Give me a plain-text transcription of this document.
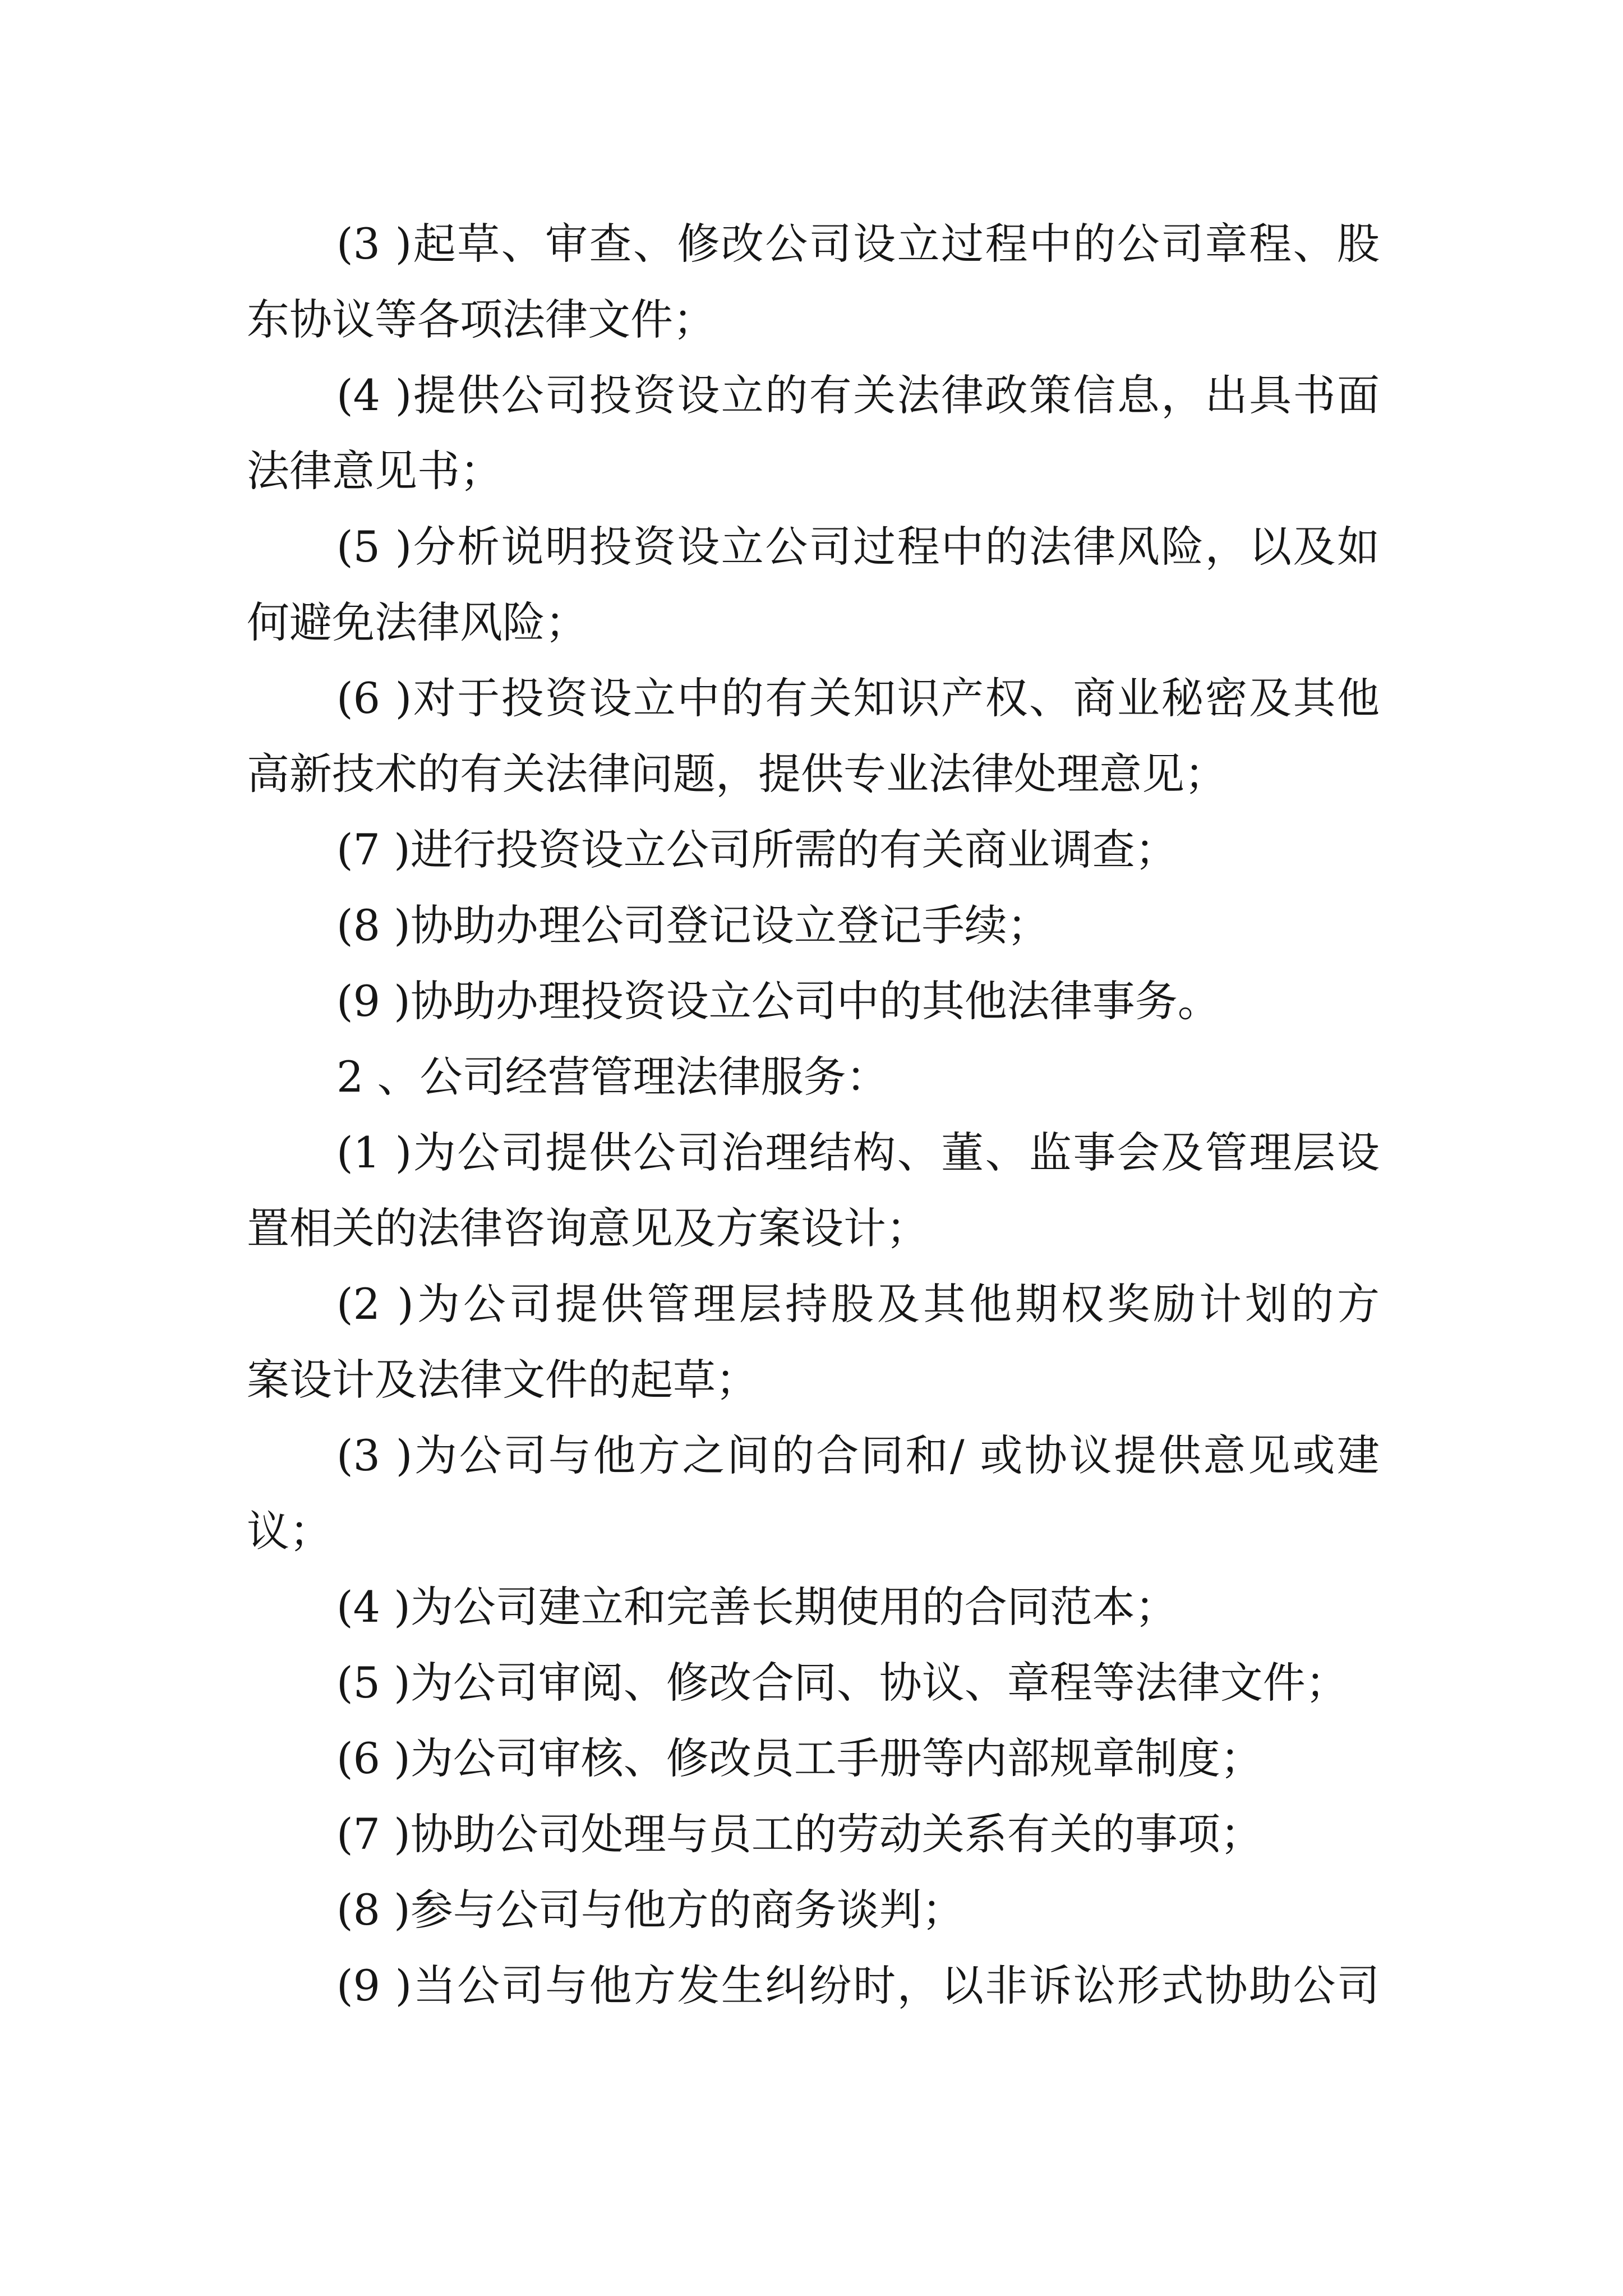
(3 )起草、审查、修改公司设立过程中的公司章程、股

东协议等各项法律文件；

(4 )提供公司投资设立的有关法律政策信息，出具书面

法律意见书；

(5 )分析说明投资设立公司过程中的法律风险，以及如

何避免法律风险；

(6 )对于投资设立中的有关知识产权、商业秘密及其他

高新技术的有关法律问题，提供专业法律处理意见；

(7 )进行投资设立公司所需的有关商业调查；

(8 )协助办理公司登记设立登记手续；

(9 )协助办理投资设立公司中的其他法律事务。

2 、公司经营管理法律服务：

(1 )为公司提供公司治理结构、董、监事会及管理层设

置相关的法律咨询意见及方案设计；

(2 )为公司提供管理层持股及其他期权奖励计划的方

案设计及法律文件的起草；

(3 )为公司与他方之间的合同和/ 或协议提供意见或建

议；

(4 )为公司建立和完善长期使用的合同范本；

(5 )为公司审阅、修改合同、协议、章程等法律文件；

(6 )为公司审核、修改员工手册等内部规章制度；

(7 )协助公司处理与员工的劳动关系有关的事项；

(8 )参与公司与他方的商务谈判；

(9 )当公司与他方发生纠纷时，以非诉讼形式协助公司
